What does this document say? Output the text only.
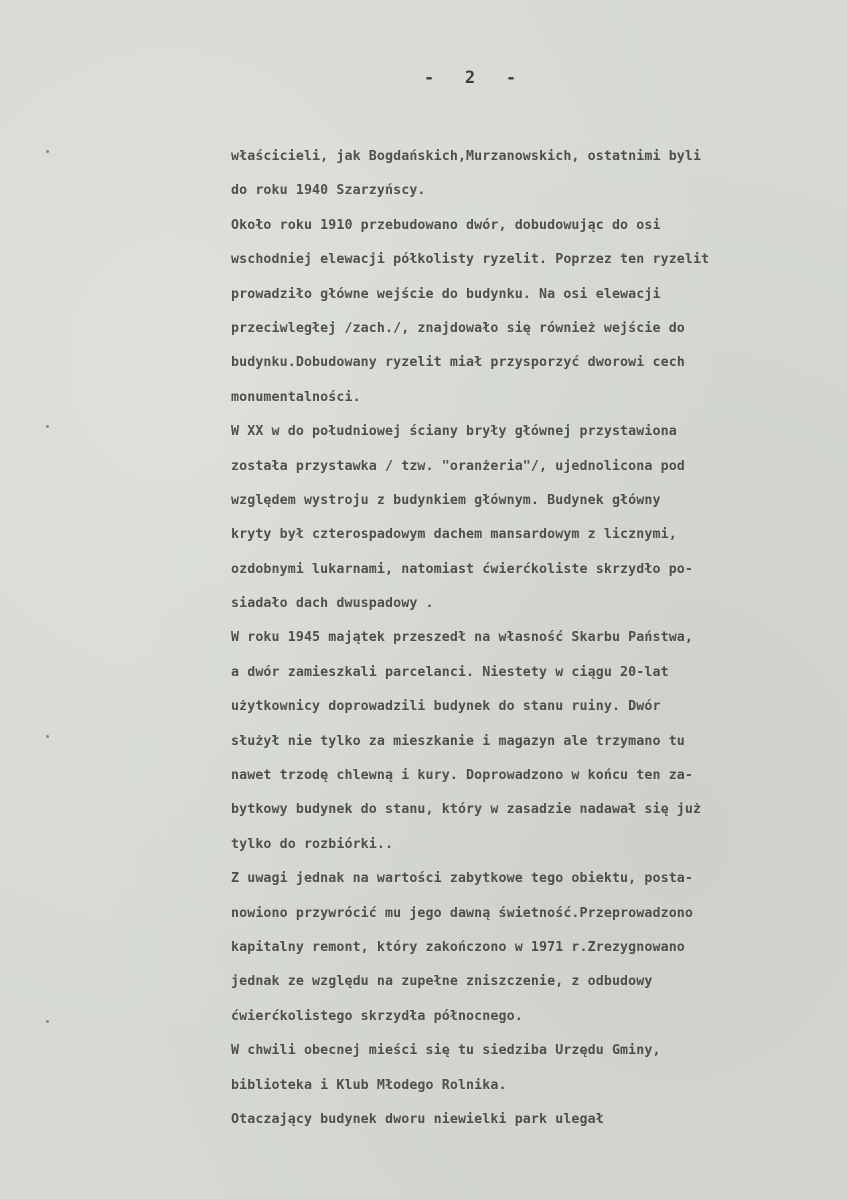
-   2   -
właścicieli, jak Bogdańskich,Murzanowskich, ostatnimi byli
do roku 1940 Szarzyńscy.
Około roku 1910 przebudowano dwór, dobudowując do osi
wschodniej elewacji półkolisty ryzelit. Poprzez ten ryzelit
prowadziło główne wejście do budynku. Na osi elewacji
przeciwległej /zach./, znajdowało się również wejście do
budynku.Dobudowany ryzelit miał przysporzyć dworowi cech
monumentalności.
W XX w do południowej ściany bryły głównej przystawiona
została przystawka / tzw. "oranżeria"/, ujednolicona pod
względem wystroju z budynkiem głównym. Budynek główny
kryty był czterospadowym dachem mansardowym z licznymi,
ozdobnymi lukarnami, natomiast ćwierćkoliste skrzydło po-
siadało dach dwuspadowy .
W roku 1945 majątek przeszedł na własność Skarbu Państwa,
a dwór zamieszkali parcelanci. Niestety w ciągu 20-lat
użytkownicy doprowadzili budynek do stanu ruiny. Dwór
służył nie tylko za mieszkanie i magazyn ale trzymano tu
nawet trzodę chlewną i kury. Doprowadzono w końcu ten za-
bytkowy budynek do stanu, który w zasadzie nadawał się już
tylko do rozbiórki..
Z uwagi jednak na wartości zabytkowe tego obiektu, posta-
nowiono przywrócić mu jego dawną świetność.Przeprowadzono
kapitalny remont, który zakończono w 1971 r.Zrezygnowano
jednak ze względu na zupełne zniszczenie, z odbudowy
ćwierćkolistego skrzydła północnego.
W chwili obecnej mieści się tu siedziba Urzędu Gminy,
biblioteka i Klub Młodego Rolnika.
Otaczający budynek dworu niewielki park ulegał
